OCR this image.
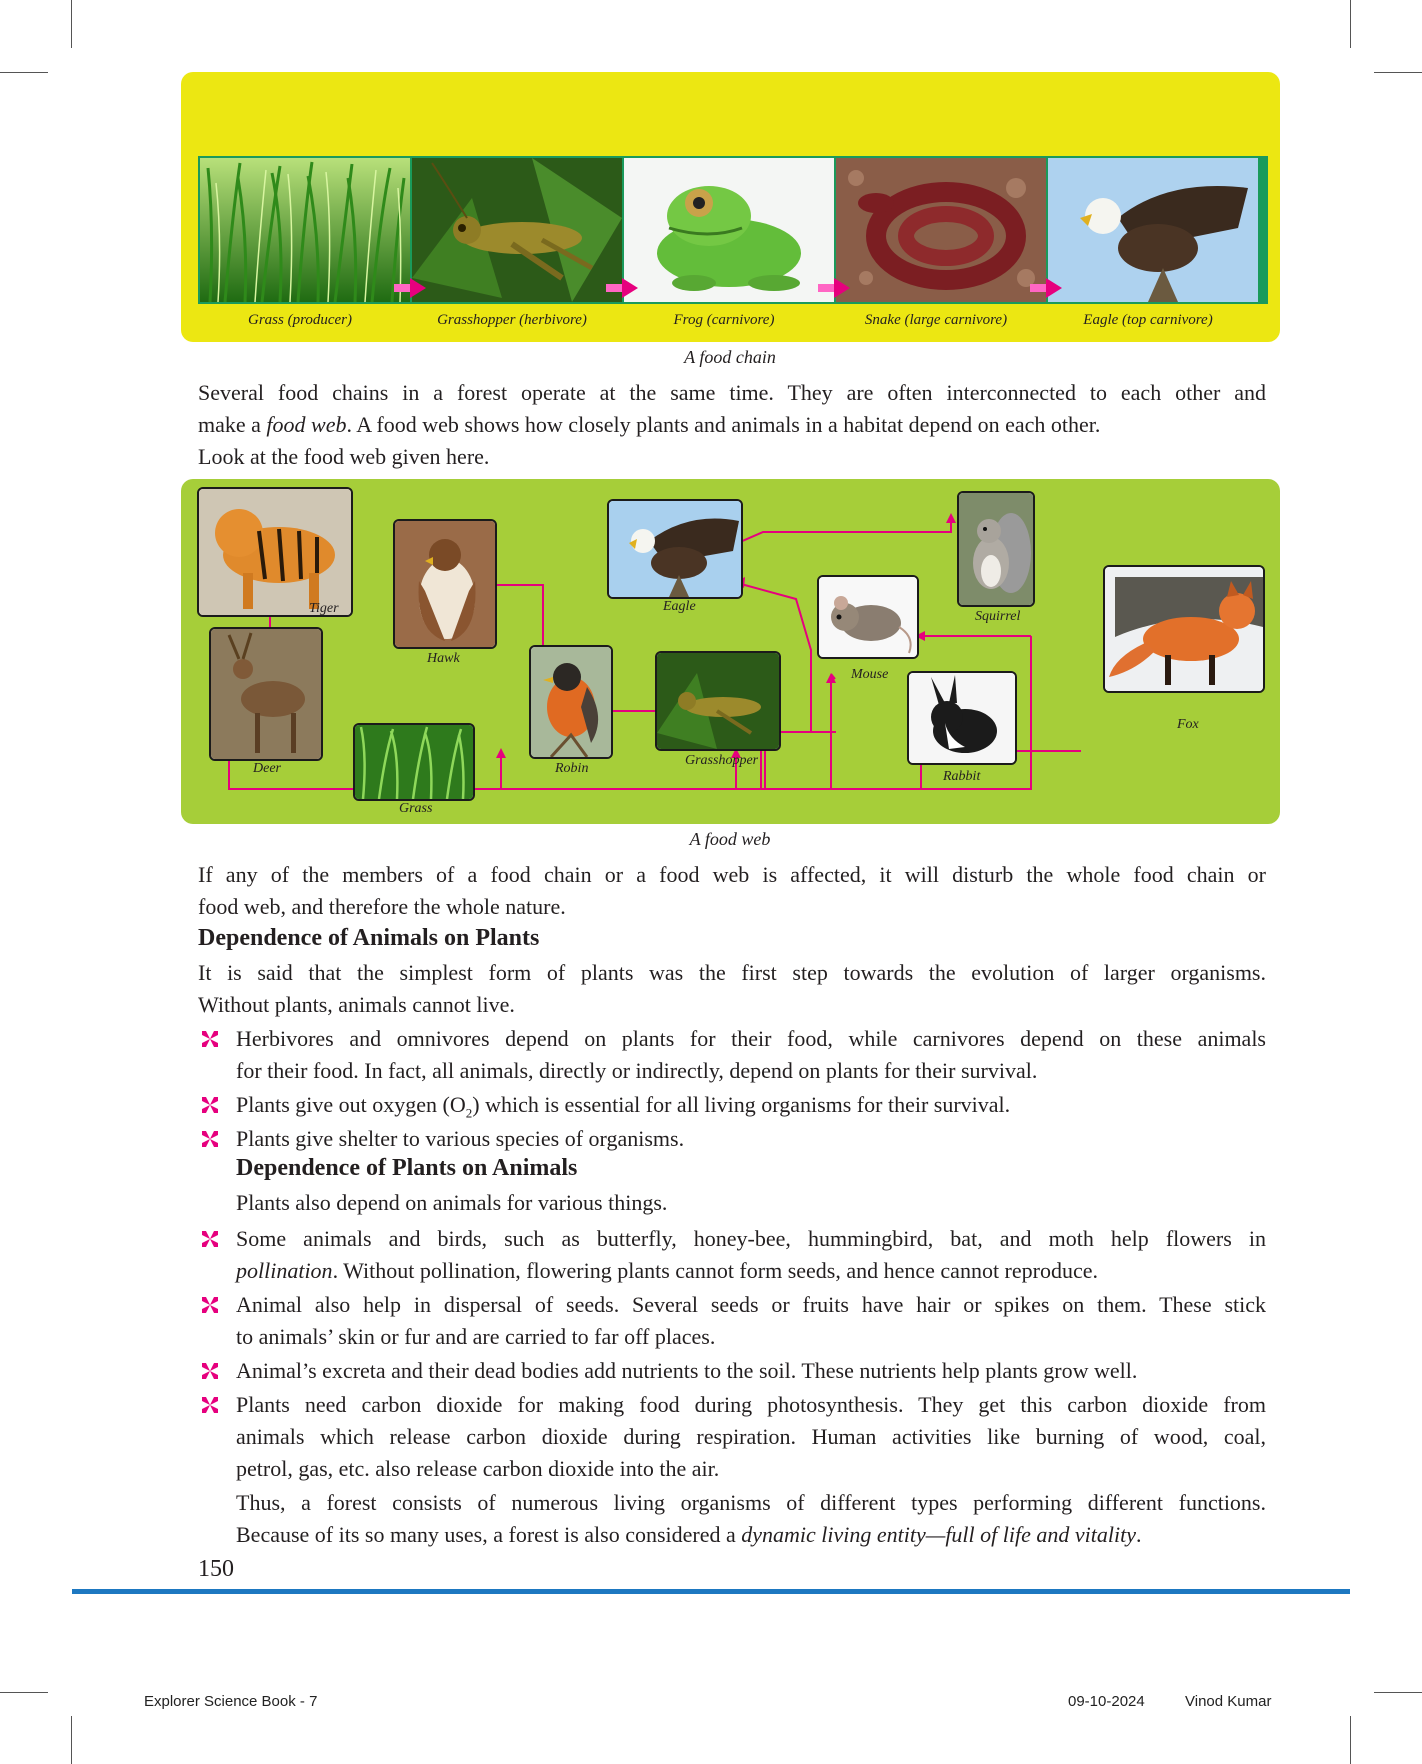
Grass (producer)	Grasshopper (herbivore)	Frog (carnivore)	Snake (large carnivore)	Eagle (top carnivore)
A food chain
Several food chains in a forest operate at the same time. They are often interconnected to each other and
make a food web. A food web shows how closely plants and animals in a habitat depend on each other.
Look at the food web given here.
Tiger
Hawk
Eagle
Squirrel
Fox
Mouse
Deer
Grass
Robin
Grasshopper
Rabbit
A food web
If any of the members of a food chain or a food web is affected, it will disturb the whole food chain or
food web, and therefore the whole nature.
Dependence of Animals on Plants
It is said that the simplest form of plants was the first step towards the evolution of larger organisms.
Without plants, animals cannot live.
Herbivores and omnivores depend on plants for their food, while carnivores depend on these animals
for their food. In fact, all animals, directly or indirectly, depend on plants for their survival.
Plants give out oxygen $(O_2)$ which is essential for all living organisms for their survival.
Plants give shelter to various species of organisms.
Dependence of Plants on Animals
Plants also depend on animals for various things.
Some animals and birds, such as butterfly, honey-bee, hummingbird, bat, and moth help flowers in
pollination. Without pollination, flowering plants cannot form seeds, and hence cannot reproduce.
Animal also help in dispersal of seeds. Several seeds or fruits have hair or spikes on them. These stick
to animals’ skin or fur and are carried to far off places.
Animal’s excreta and their dead bodies add nutrients to the soil. These nutrients help plants grow well.
Plants need carbon dioxide for making food during photosynthesis. They get this carbon dioxide from
animals which release carbon dioxide during respiration. Human activities like burning of wood, coal,
petrol, gas, etc. also release carbon dioxide into the air.
Thus, a forest consists of numerous living organisms of different types performing different functions.
Because of its so many uses, a forest is also considered a dynamic living entity—full of life and vitality.
150
Explorer Science Book - 7	09-10-2024	Vinod Kumar
